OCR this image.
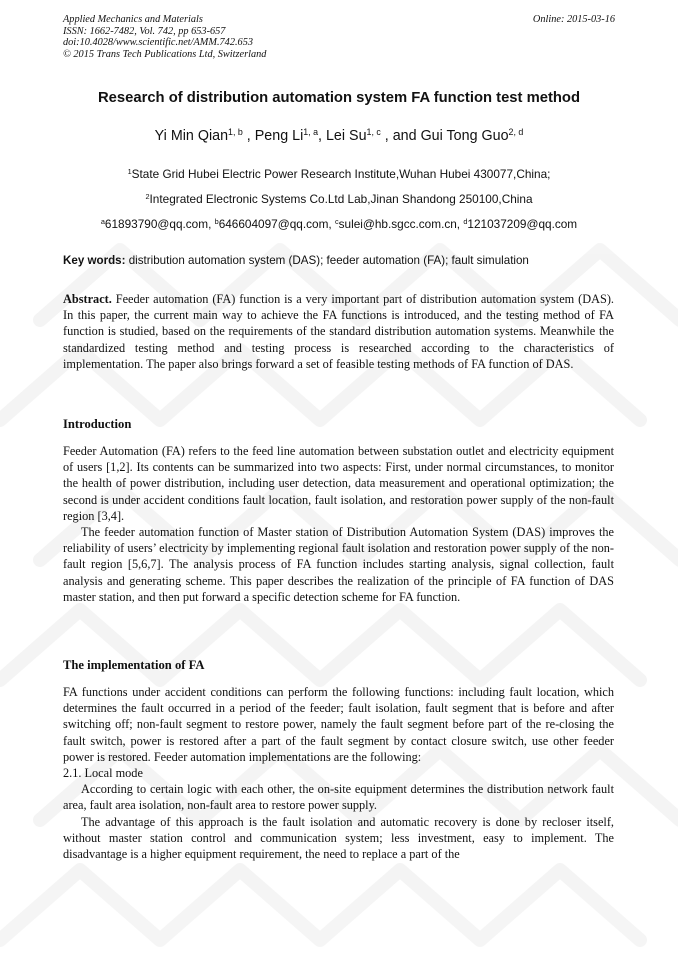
Applied Mechanics and Materials
ISSN: 1662-7482, Vol. 742, pp 653-657
doi:10.4028/www.scientific.net/AMM.742.653
© 2015 Trans Tech Publications Ltd, Switzerland
Online: 2015-03-16
Research of distribution automation system FA function test method
Yi Min Qian$^{1, b}$ , Peng Li$^{1, a}$, Lei Su$^{1, c}$ , and Gui Tong Guo$^{2, d}$
$^1$State Grid Hubei Electric Power Research Institute,Wuhan Hubei 430077,China;
$^2$Integrated Electronic Systems Co.Ltd Lab,Jinan Shandong 250100,China
$^a$61893790@qq.com, $^b$646604097@qq.com, $^c$sulei@hb.sgcc.com.cn, $^d$121037209@qq.com
Key words: distribution automation system (DAS); feeder automation (FA); fault simulation
Abstract. Feeder automation (FA) function is a very important part of distribution automation system (DAS). In this paper, the current main way to achieve the FA functions is introduced, and the testing method of FA function is studied, based on the requirements of the standard distribution automation systems. Meanwhile the standardized testing method and testing process is researched according to the characteristics of implementation. The paper also brings forward a set of feasible testing methods of FA function of DAS.
Introduction

Feeder Automation (FA) refers to the feed line automation between substation outlet and electricity equipment of users [1,2]. Its contents can be summarized into two aspects: First, under normal circumstances, to monitor the health of power distribution, including user detection, data measurement and operational optimization; the second is under accident conditions fault location, fault isolation, and restoration power supply of the non-fault region [3,4].

The feeder automation function of Master station of Distribution Automation System (DAS) improves the reliability of users’ electricity by implementing regional fault isolation and restoration power supply of the non-fault region [5,6,7]. The analysis process of FA function includes starting analysis, signal collection, fault analysis and generating scheme. This paper describes the realization of the principle of FA function of DAS master station, and then put forward a specific detection scheme for FA function.

The implementation of FA

FA functions under accident conditions can perform the following functions: including fault location, which determines the fault occurred in a period of the feeder; fault isolation, fault segment that is before and after switching off; non-fault segment to restore power, namely the fault segment before part of the re-closing the fault switch, power is restored after a part of the fault segment by contact closure switch, use other feeder power is restored. Feeder automation implementations are the following:

2.1. Local mode

According to certain logic with each other, the on-site equipment determines the distribution network fault area, fault area isolation, non-fault area to restore power supply.

The advantage of this approach is the fault isolation and automatic recovery is done by recloser itself, without master station control and communication system; less investment, easy to implement. The disadvantage is a higher equipment requirement, the need to replace a part of the
